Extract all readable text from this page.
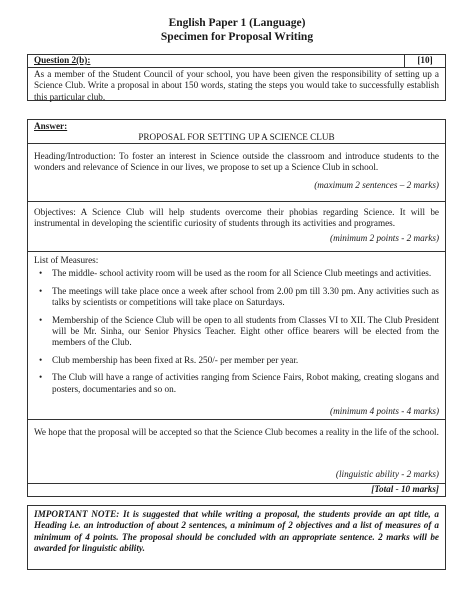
English Paper 1 (Language)
Specimen for Proposal Writing
Question 2(b):	[10]
As a member of the Student Council of your school, you have been given the responsibility of setting up a Science Club. Write a proposal in about 150 words, stating the steps you would take to successfully establish this particular club.
Answer:
PROPOSAL FOR SETTING UP A SCIENCE CLUB
Heading/Introduction: To foster an interest in Science outside the classroom and introduce students to the wonders and relevance of Science in our lives, we propose to set up a Science Club in school.
(maximum 2 sentences – 2 marks)
Objectives: A Science Club will help students overcome their phobias regarding Science. It will be instrumental in developing the scientific curiosity of students through its activities and programes.
(minimum 2 points - 2 marks)
List of Measures:
• The middle- school activity room will be used as the room for all Science Club meetings and activities.
• The meetings will take place once a week after school from 2.00 pm till 3.30 pm. Any activities such as talks by scientists or competitions will take place on Saturdays.
• Membership of the Science Club will be open to all students from Classes VI to XII. The Club President will be Mr. Sinha, our Senior Physics Teacher. Eight other office bearers will be elected from the members of the Club.
• Club membership has been fixed at Rs. 250/- per member per year.
• The Club will have a range of activities ranging from Science Fairs, Robot making, creating slogans and posters, documentaries and so on.
(minimum 4 points - 4 marks)
We hope that the proposal will be accepted so that the Science Club becomes a reality in the life of the school.
(linguistic ability - 2 marks)
[Total - 10 marks]
IMPORTANT NOTE: It is suggested that while writing a proposal, the students provide an apt title, a Heading i.e. an introduction of about 2 sentences, a minimum of 2 objectives and a list of measures of a minimum of 4 points. The proposal should be concluded with an appropriate sentence. 2 marks will be awarded for linguistic ability.
